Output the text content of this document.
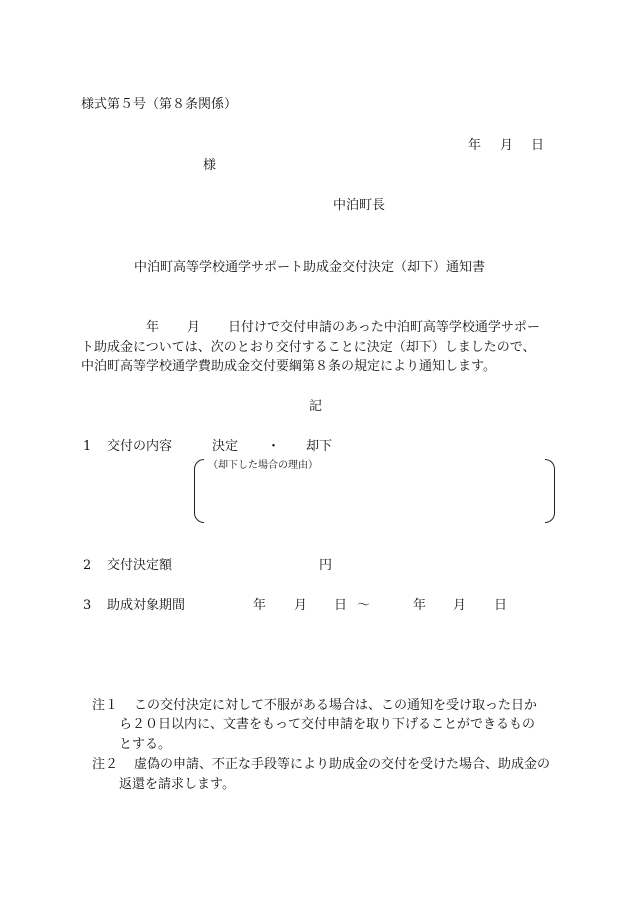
様式第５号（第８条関係）
年 月 日
様
中泊町長
中泊町高等学校通学サポート助成金交付決定（却下）通知書
年 月 日付けで交付申請のあった中泊町高等学校通学サポー
ト助成金については、次のとおり交付することに決定（却下）しましたので、
中泊町高等学校通学費助成金交付要綱第８条の規定により通知します。
記
1 交付の内容	決定 ・ 却下
（却下した場合の理由）
2 交付決定額	円
3 助成対象期間	年 月 日 ～	年 月 日
注１ この交付決定に対して不服がある場合は、この通知を受け取った日か
ら２０日以内に、文書をもって交付申請を取り下げることができるもの
とする。
注２ 虚偽の申請、不正な手段等により助成金の交付を受けた場合、助成金の
返還を請求します。
